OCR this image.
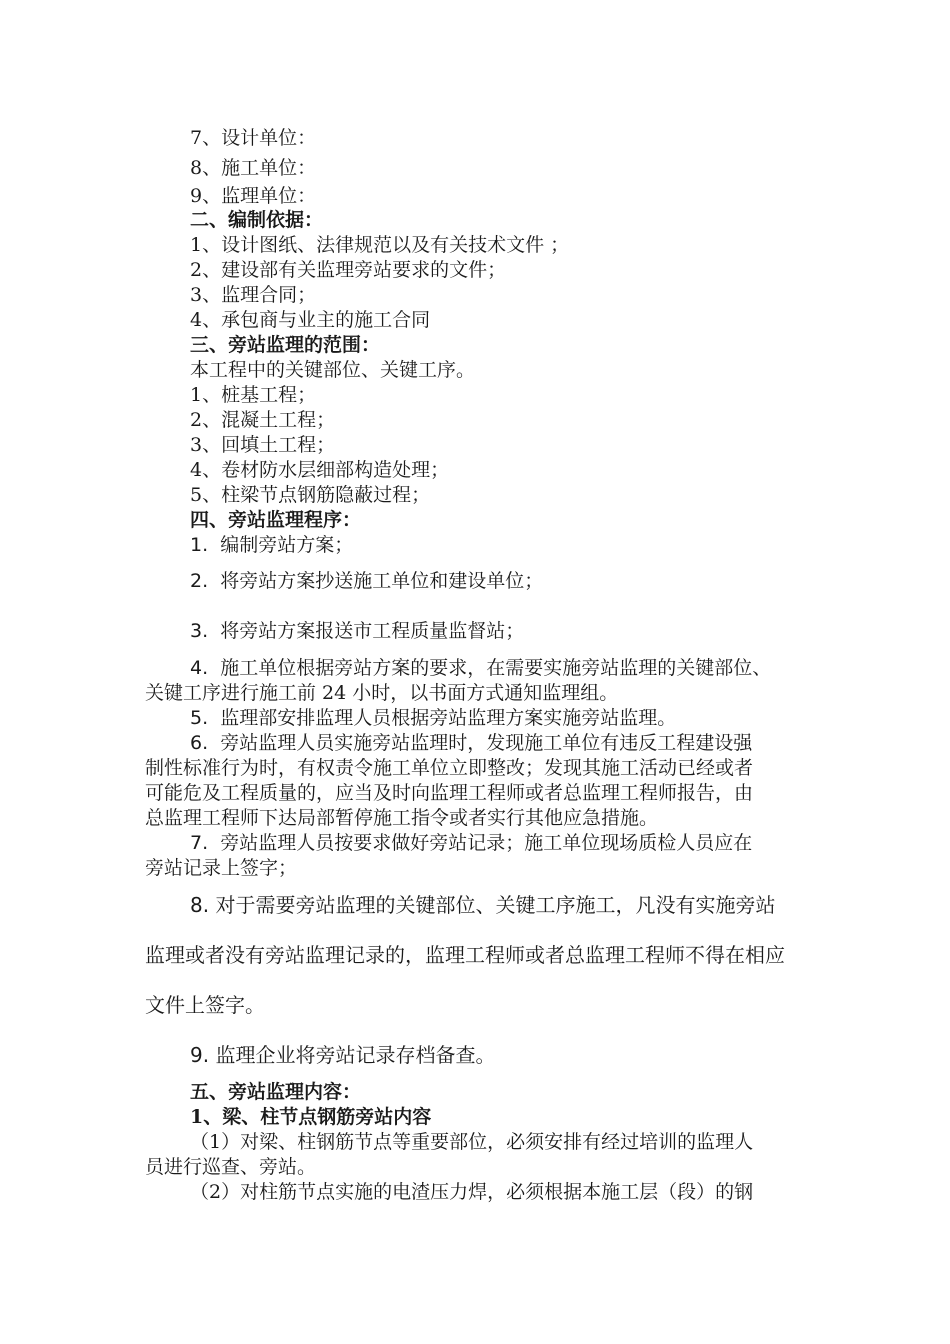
7、设计单位：
8、施工单位：
9、监理单位：
二、编制依据：
1、设计图纸、法律规范以及有关技术文件 ；
2、建设部有关监理旁站要求的文件；
3、监理合同；
4、承包商与业主的施工合同
三、旁站监理的范围：
本工程中的关键部位、关键工序。
1、桩基工程；
2、混凝土工程；
3、回填土工程；
4、卷材防水层细部构造处理；
5、柱梁节点钢筋隐蔽过程；
四、旁站监理程序：
1. 编制旁站方案；
2. 将旁站方案抄送施工单位和建设单位；
3. 将旁站方案报送市工程质量监督站；
4. 施工单位根据旁站方案的要求，在需要实施旁站监理的关键部位、
关键工序进行施工前 24 小时，以书面方式通知监理组。
5. 监理部安排监理人员根据旁站监理方案实施旁站监理。
6. 旁站监理人员实施旁站监理时，发现施工单位有违反工程建设强
制性标准行为时，有权责令施工单位立即整改；发现其施工活动已经或者
可能危及工程质量的，应当及时向监理工程师或者总监理工程师报告，由
总监理工程师下达局部暂停施工指令或者实行其他应急措施。
7. 旁站监理人员按要求做好旁站记录；施工单位现场质检人员应在
旁站记录上签字；
8. 对于需要旁站监理的关键部位、关键工序施工，凡没有实施旁站
监理或者没有旁站监理记录的，监理工程师或者总监理工程师不得在相应
文件上签字。
9. 监理企业将旁站记录存档备查。
五、旁站监理内容：
1、梁、柱节点钢筋旁站内容
（1）对梁、柱钢筋节点等重要部位，必须安排有经过培训的监理人
员进行巡查、旁站。
（2）对柱筋节点实施的电渣压力焊，必须根据本施工层（段）的钢
